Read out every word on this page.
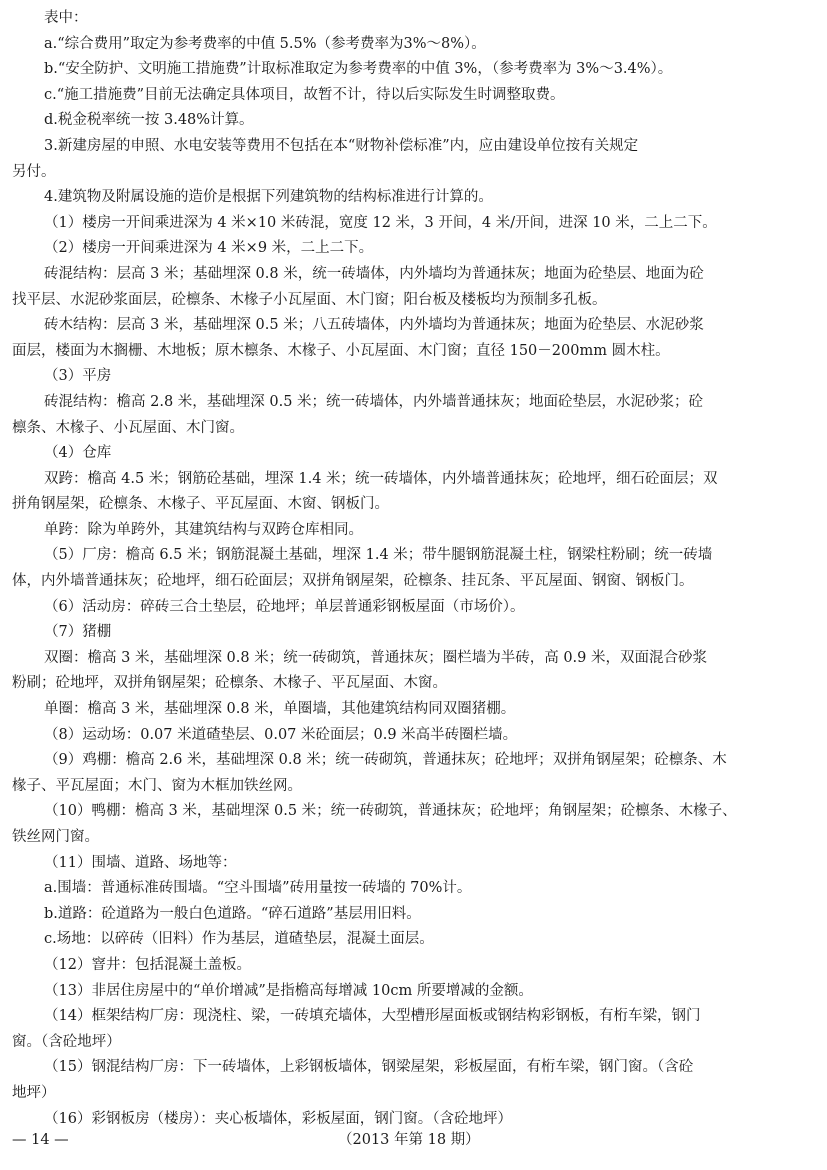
表中：
a.“综合费用”取定为参考费率的中值 5.5%（参考费率为3%～8%）。
b.“安全防护、文明施工措施费”计取标准取定为参考费率的中值 3%，（参考费率为 3%～3.4%）。
c.“施工措施费”目前无法确定具体项目，故暂不计，待以后实际发生时调整取费。
d.税金税率统一按 3.48%计算。
3.新建房屋的申照、水电安装等费用不包括在本“财物补偿标准”内，应由建设单位按有关规定
另付。
4.建筑物及附属设施的造价是根据下列建筑物的结构标准进行计算的。
（1）楼房一开间乘进深为 4 米×10 米砖混，宽度 12 米，3 开间，4 米/开间，进深 10 米，二上二下。
（2）楼房一开间乘进深为 4 米×9 米，二上二下。
砖混结构：层高 3 米；基础埋深 0.8 米，统一砖墙体，内外墙均为普通抹灰；地面为砼垫层、地面为砼
找平层、水泥砂浆面层，砼檩条、木椽子小瓦屋面、木门窗；阳台板及楼板均为预制多孔板。
砖木结构：层高 3 米，基础埋深 0.5 米；八五砖墙体，内外墙均为普通抹灰；地面为砼垫层、水泥砂浆
面层，楼面为木搁栅、木地板；原木檩条、木椽子、小瓦屋面、木门窗；直径 150－200mm 圆木柱。
（3）平房
砖混结构：檐高 2.8 米，基础埋深 0.5 米；统一砖墙体，内外墙普通抹灰；地面砼垫层，水泥砂浆；砼
檩条、木椽子、小瓦屋面、木门窗。
（4）仓库
双跨：檐高 4.5 米；钢筋砼基础，埋深 1.4 米；统一砖墙体，内外墙普通抹灰；砼地坪，细石砼面层；双
拼角钢屋架，砼檩条、木椽子、平瓦屋面、木窗、钢板门。
单跨：除为单跨外，其建筑结构与双跨仓库相同。
（5）厂房：檐高 6.5 米；钢筋混凝土基础，埋深 1.4 米；带牛腿钢筋混凝土柱，钢梁柱粉刷；统一砖墙
体，内外墙普通抹灰；砼地坪，细石砼面层；双拼角钢屋架，砼檩条、挂瓦条、平瓦屋面、钢窗、钢板门。
（6）活动房：碎砖三合土垫层，砼地坪；单层普通彩钢板屋面（市场价）。
（7）猪棚
双圈：檐高 3 米，基础埋深 0.8 米；统一砖砌筑，普通抹灰；圈栏墙为半砖，高 0.9 米，双面混合砂浆
粉刷；砼地坪，双拼角钢屋架；砼檩条、木椽子、平瓦屋面、木窗。
单圈：檐高 3 米，基础埋深 0.8 米，单圈墙，其他建筑结构同双圈猪棚。
（8）运动场：0.07 米道碴垫层、0.07 米砼面层；0.9 米高半砖圈栏墙。
（9）鸡棚：檐高 2.6 米，基础埋深 0.8 米；统一砖砌筑，普通抹灰；砼地坪；双拼角钢屋架；砼檩条、木
椽子、平瓦屋面；木门、窗为木框加铁丝网。
（10）鸭棚：檐高 3 米，基础埋深 0.5 米；统一砖砌筑，普通抹灰；砼地坪；角钢屋架；砼檩条、木椽子、
铁丝网门窗。
（11）围墙、道路、场地等：
a.围墙：普通标准砖围墙。“空斗围墙”砖用量按一砖墙的 70%计。
b.道路：砼道路为一般白色道路。“碎石道路”基层用旧料。
c.场地：以碎砖（旧料）作为基层，道碴垫层，混凝土面层。
（12）窨井：包括混凝土盖板。
（13）非居住房屋中的“单价增减”是指檐高每增减 10cm 所要增减的金额。
（14）框架结构厂房：现浇柱、梁，一砖填充墙体，大型槽形屋面板或钢结构彩钢板，有桁车梁，钢门
窗。（含砼地坪）
（15）钢混结构厂房：下一砖墙体，上彩钢板墙体，钢梁屋架，彩板屋面，有桁车梁，钢门窗。（含砼
地坪）
（16）彩钢板房（楼房）：夹心板墙体，彩板屋面，钢门窗。（含砼地坪）
— 14 —	（2013 年第 18 期）
